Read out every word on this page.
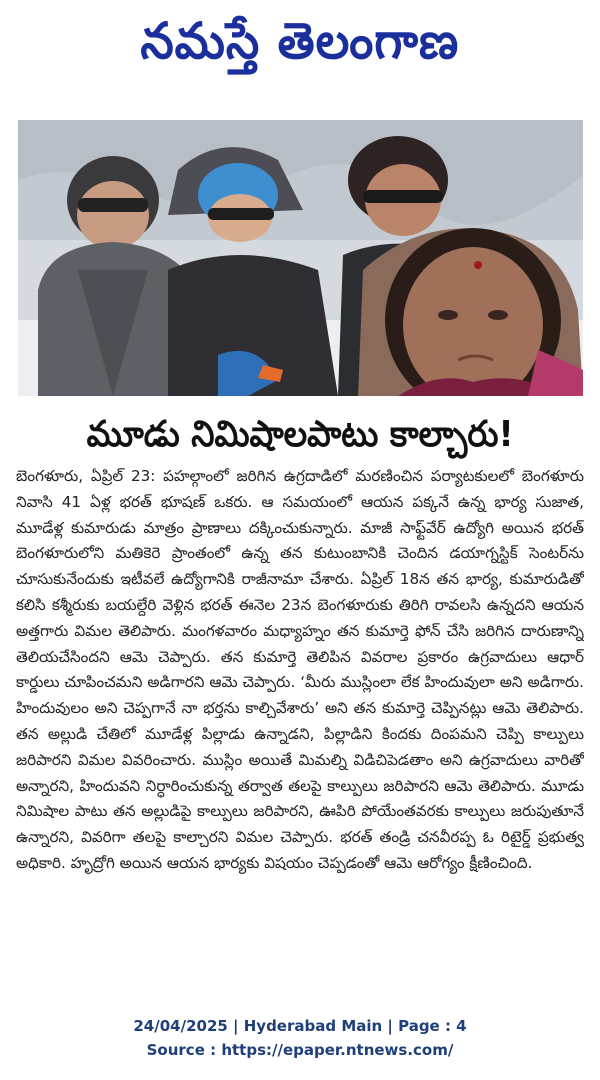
నమస్తే తెలంగాణ
మూడు నిమిషాలపాటు కాల్చారు!

బెంగళూరు, ఏప్రిల్ 23: పహల్గాంలో జరిగిన ఉగ్రదాడిలో మరణించిన పర్యాటకులలో బెంగళూరు నివాసి 41 ఏళ్ల భరత్ భూషణ్ ఒకరు. ఆ సమయంలో ఆయన పక్కనే ఉన్న భార్య సుజాత, మూడేళ్ల కుమారుడు మాత్రం ప్రాణాలు దక్కించుకున్నారు. మాజీ సాఫ్ట్‌వేర్ ఉద్యోగి అయిన భరత్ బెంగళూరులోని మతికెరె ప్రాంతంలో ఉన్న తన కుటుంబానికి చెందిన డయాగ్నస్టిక్ సెంటర్‌ను చూసుకునేందుకు ఇటీవలే ఉద్యోగానికి రాజీనామా చేశారు. ఏప్రిల్ 18న తన భార్య, కుమారుడితో కలిసి కశ్మీరుకు బయల్దేరి వెళ్లిన భరత్ ఈనెల 23న బెంగళూరుకు తిరిగి రావలసి ఉన్నదని ఆయన అత్తగారు విమల తెలిపారు. మంగళవారం మధ్యాహ్నం తన కుమార్తె ఫోన్ చేసి జరిగిన దారుణాన్ని తెలియచేసిందని ఆమె చెప్పారు. తన కుమార్తె తెలిపిన వివరాల ప్రకారం ఉగ్రవాదులు ఆధార్ కార్డులు చూపించమని అడిగారని ఆమె చెప్పారు. ‘మీరు ముస్లింలా లేక హిందువులా అని అడిగారు. హిందువులం అని చెప్పగానే నా భర్తను కాల్చివేశారు’ అని తన కుమార్తె చెప్పినట్లు ఆమె తెలిపారు. తన అల్లుడి చేతిలో మూడేళ్ల పిల్లాడు ఉన్నాడని, పిల్లాడిని కిందకు దింపమని చెప్పి కాల్పులు జరిపారని విమల వివరించారు. ముస్లిం అయితే మిమల్ని విడిచిపెడతాం అని ఉగ్రవాదులు వారితో అన్నారని, హిందువని నిర్ధారించుకున్న తర్వాత తలపై కాల్పులు జరిపారని ఆమె తెలిపారు. మూడు నిమిషాల పాటు తన అల్లుడిపై కాల్పులు జరిపారని, ఊపిరి పోయేంతవరకు కాల్పులు జరుపుతూనే ఉన్నారని, వివరిగా తలపై కాల్చారని విమల చెప్పారు. భరత్ తండ్రి చనవీరప్ప ఓ రిటైర్డ్ ప్రభుత్వ అధికారి. హృద్రోగి అయిన ఆయన భార్యకు విషయం చెప్పడంతో ఆమె ఆరోగ్యం క్షీణించింది.

24/04/2025 | Hyderabad Main | Page : 4
Source : https://epaper.ntnews.com/
